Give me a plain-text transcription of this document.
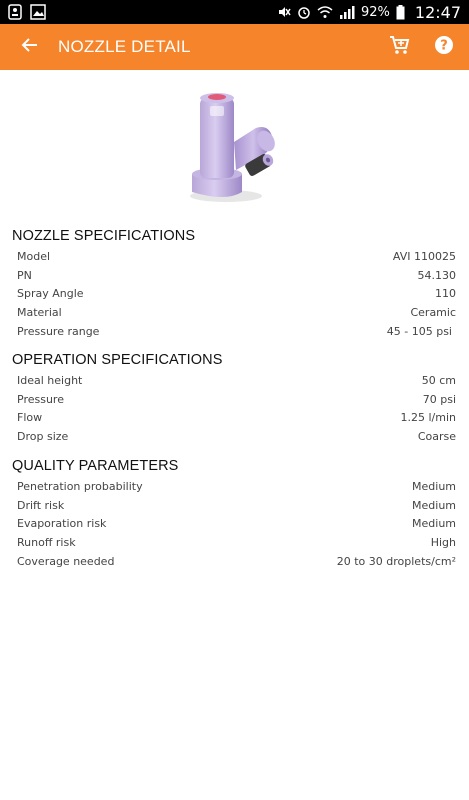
92% 12:47
NOZZLE DETAIL	?
NOZZLE SPECIFICATIONS
Model	AVI 110025
PN	54.130
Spray Angle	110
Material	Ceramic
Pressure range	45 - 105 psi
OPERATION SPECIFICATIONS
Ideal height	50 cm
Pressure	70 psi
Flow	1.25 l/min
Drop size	Coarse
QUALITY PARAMETERS
Penetration probability	Medium
Drift risk	Medium
Evaporation risk	Medium
Runoff risk	High
Coverage needed	20 to 30 droplets/cm²
